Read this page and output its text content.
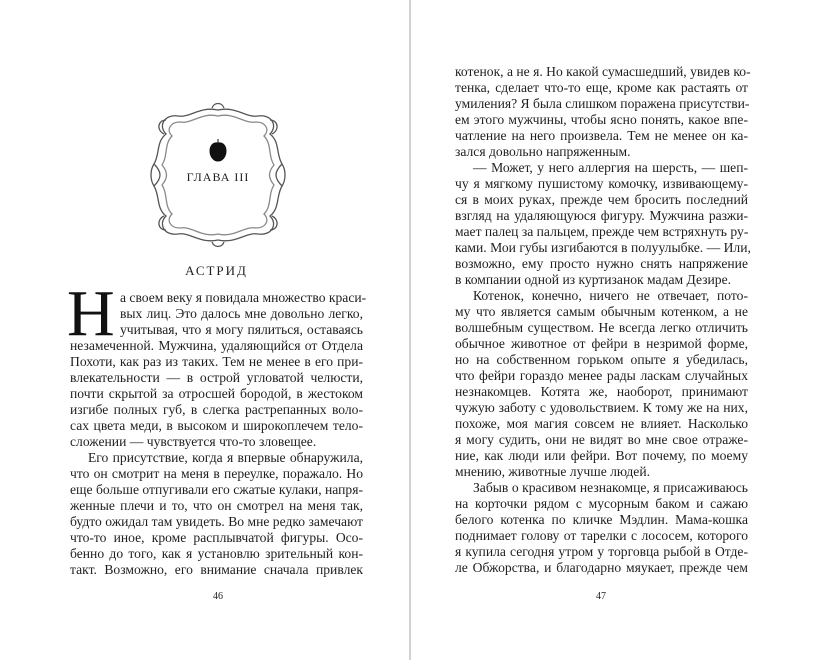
ГЛАВА III
АСТРИД
Н а своем веку я повидала множество краси-
вых лиц. Это далось мне довольно легко,
учитывая, что я могу пялиться, оставаясь
незамеченной. Мужчина, удаляющийся от Отдела
Похоти, как раз из таких. Тем не менее в его при-
влекательности — в острой угловатой челюсти,
почти скрытой за отросшей бородой, в жестоком
изгибе полных губ, в слегка растрепанных воло-
сах цвета меди, в высоком и широкоплечем тело-
сложении — чувствуется что-то зловещее.
Его присутствие, когда я впервые обнаружила,
что он смотрит на меня в переулке, поражало. Но
еще больше отпугивали его сжатые кулаки, напря-
женные плечи и то, что он смотрел на меня так,
будто ожидал там увидеть. Во мне редко замечают
что-то иное, кроме расплывчатой фигуры. Осо-
бенно до того, как я установлю зрительный кон-
такт. Возможно, его внимание сначала привлек
46
котенок, а не я. Но какой сумасшедший, увидев ко-
тенка, сделает что-то еще, кроме как растаять от
умиления? Я была слишком поражена присутстви-
ем этого мужчины, чтобы ясно понять, какое впе-
чатление на него произвела. Тем не менее он ка-
зался довольно напряженным.
— Может, у него аллергия на шерсть, — шеп-
чу я мягкому пушистому комочку, извивающему-
ся в моих руках, прежде чем бросить последний
взгляд на удаляющуюся фигуру. Мужчина разжи-
мает палец за пальцем, прежде чем встряхнуть ру-
ками. Мои губы изгибаются в полуулыбке. — Или,
возможно, ему просто нужно снять напряжение
в компании одной из куртизанок мадам Дезире.
Котенок, конечно, ничего не отвечает, пото-
му что является самым обычным котенком, а не
волшебным существом. Не всегда легко отличить
обычное животное от фейри в незримой форме,
но на собственном горьком опыте я убедилась,
что фейри гораздо менее рады ласкам случайных
незнакомцев. Котята же, наоборот, принимают
чужую заботу с удовольствием. К тому же на них,
похоже, моя магия совсем не влияет. Насколько
я могу судить, они не видят во мне свое отраже-
ние, как люди или фейри. Вот почему, по моему
мнению, животные лучше людей.
Забыв о красивом незнакомце, я присаживаюсь
на корточки рядом с мусорным баком и сажаю
белого котенка по кличке Мэдлин. Мама-кошка
поднимает голову от тарелки с лососем, которого
я купила сегодня утром у торговца рыбой в Отде-
ле Обжорства, и благодарно мяукает, прежде чем
47
